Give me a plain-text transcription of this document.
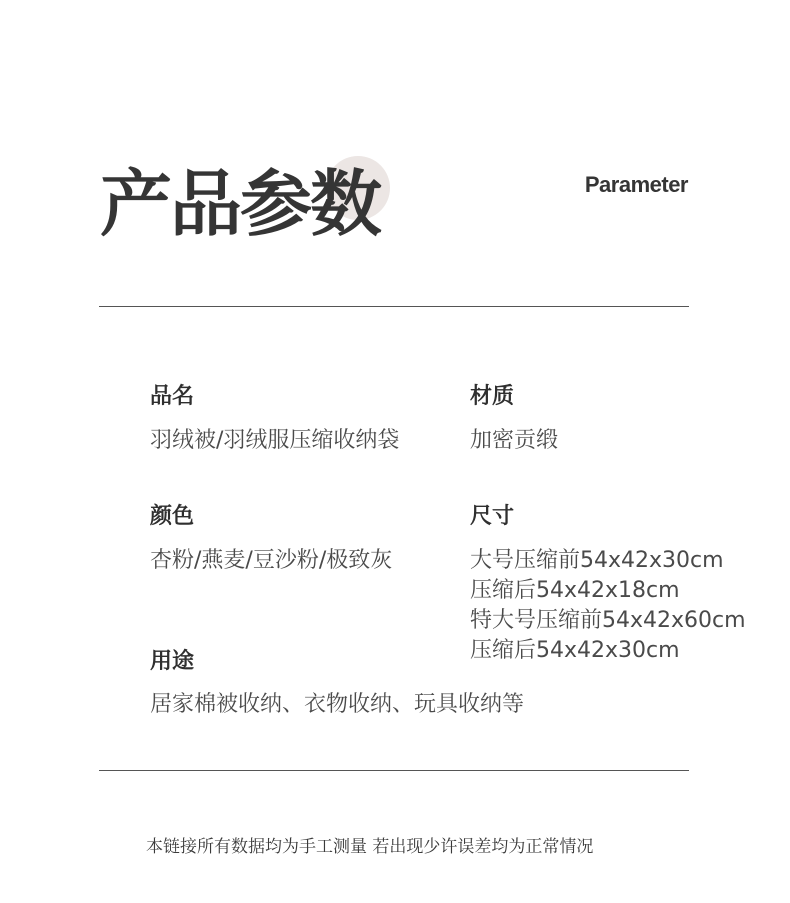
产品参数	Parameter
品名
羽绒被/羽绒服压缩收纳袋
材质
加密贡缎
颜色
杏粉/燕麦/豆沙粉/极致灰
尺寸
大号压缩前54x42x30cm
压缩后54x42x18cm
特大号压缩前54x42x60cm
压缩后54x42x30cm
用途
居家棉被收纳、衣物收纳、玩具收纳等
本链接所有数据均为手工测量 若出现少许误差均为正常情况
